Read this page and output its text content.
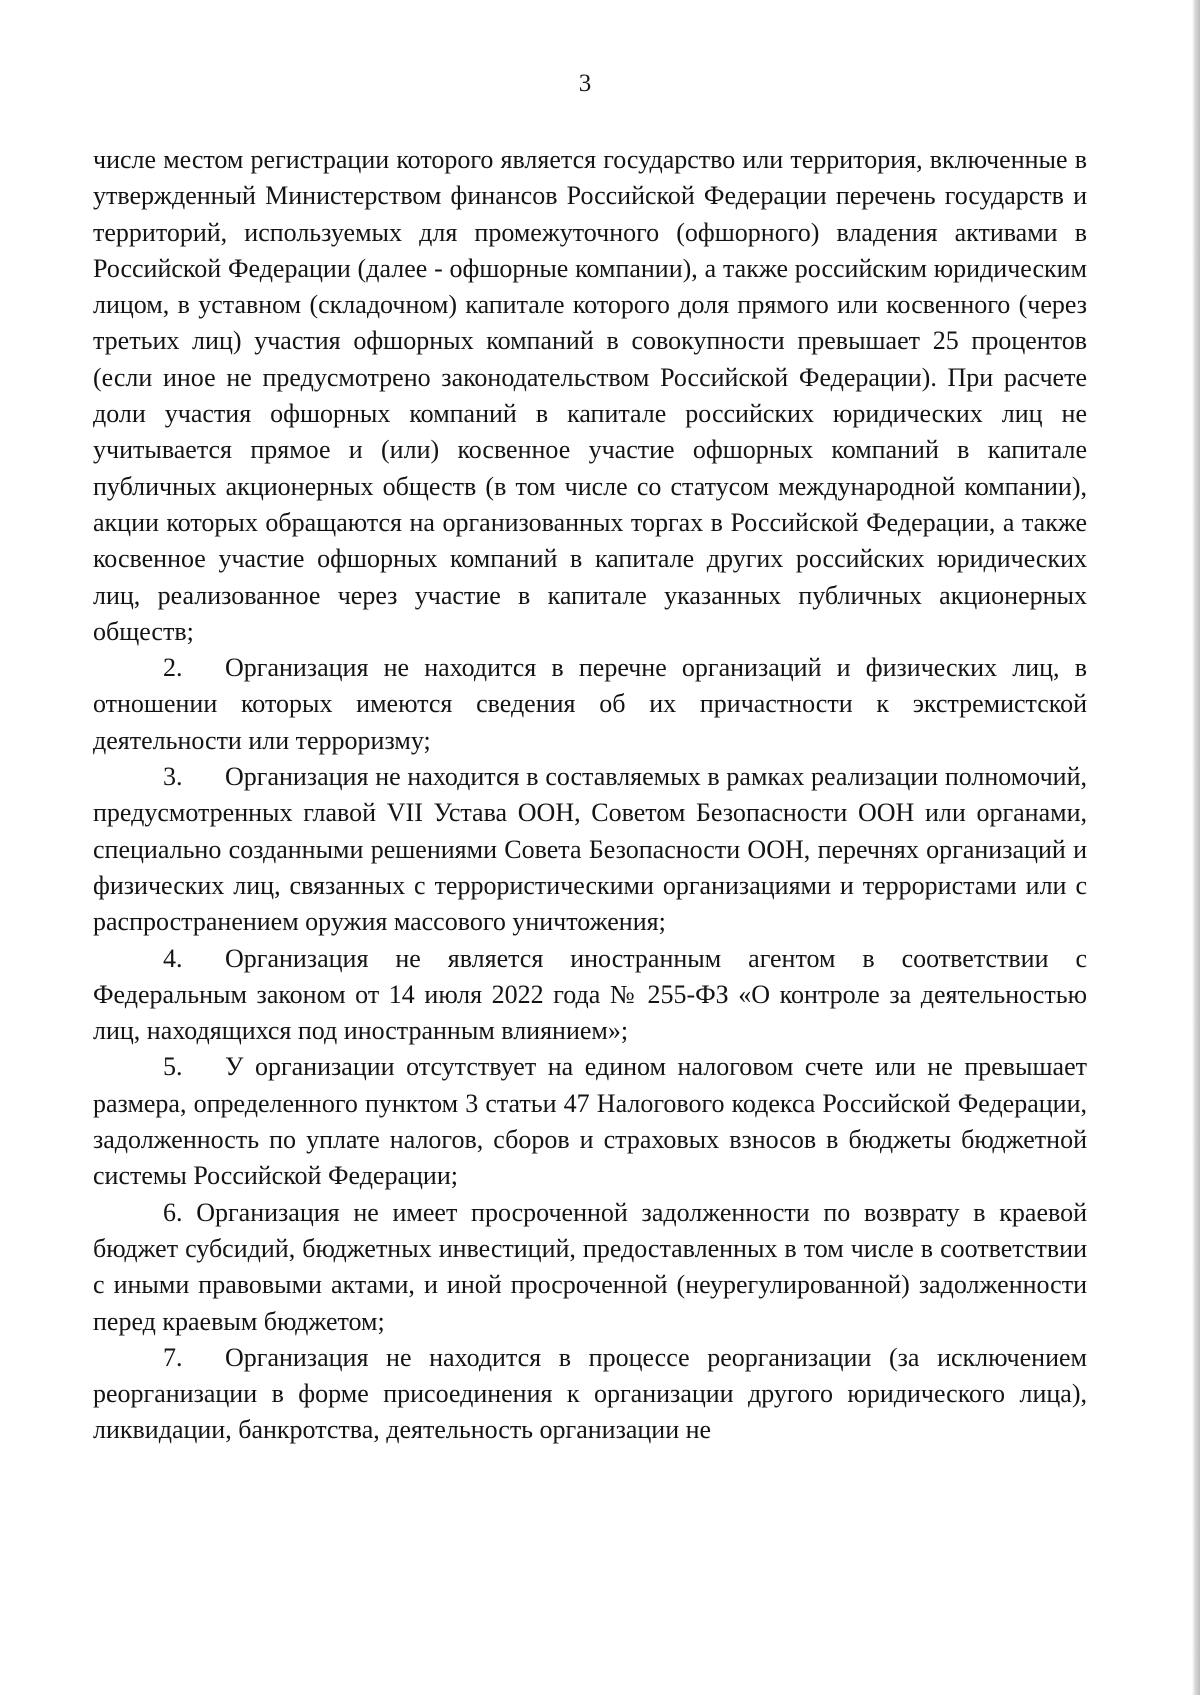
3

числе местом регистрации которого является государство или территория, включенные в утвержденный Министерством финансов Российской Федерации перечень государств и территорий, используемых для промежуточного (офшорного) владения активами в Российской Федерации (далее - офшорные компании), а также российским юридическим лицом, в уставном (складочном) капитале которого доля прямого или косвенного (через третьих лиц) участия офшорных компаний в совокупности превышает 25 процентов (если иное не предусмотрено законодательством Российской Федерации). При расчете доли участия офшорных компаний в капитале российских юридических лиц не учитывается прямое и (или) косвенное участие офшорных компаний в капитале публичных акционерных обществ (в том числе со статусом международной компании), акции которых обращаются на организованных торгах в Российской Федерации, а также косвенное участие офшорных компаний в капитале других российских юридических лиц, реализованное через участие в капитале указанных публичных акционерных обществ;

2. Организация не находится в перечне организаций и физических лиц, в отношении которых имеются сведения об их причастности к экстремистской деятельности или терроризму;

3. Организация не находится в составляемых в рамках реализации полномочий, предусмотренных главой VII Устава ООН, Советом Безопасности ООН или органами, специально созданными решениями Совета Безопасности ООН, перечнях организаций и физических лиц, связанных с террористическими организациями и террористами или с распространением оружия массового уничтожения;

4. Организация не является иностранным агентом в соответствии с Федеральным законом от 14 июля 2022 года № 255-ФЗ «О контроле за деятельностью лиц, находящихся под иностранным влиянием»;

5. У организации отсутствует на едином налоговом счете или не превышает размера, определенного пунктом 3 статьи 47 Налогового кодекса Российской Федерации, задолженность по уплате налогов, сборов и страховых взносов в бюджеты бюджетной системы Российской Федерации;

6. Организация не имеет просроченной задолженности по возврату в краевой бюджет субсидий, бюджетных инвестиций, предоставленных в том числе в соответствии с иными правовыми актами, и иной просроченной (неурегулированной) задолженности перед краевым бюджетом;

7. Организация не находится в процессе реорганизации (за исключением реорганизации в форме присоединения к организации другого юридического лица), ликвидации, банкротства, деятельность организации не
